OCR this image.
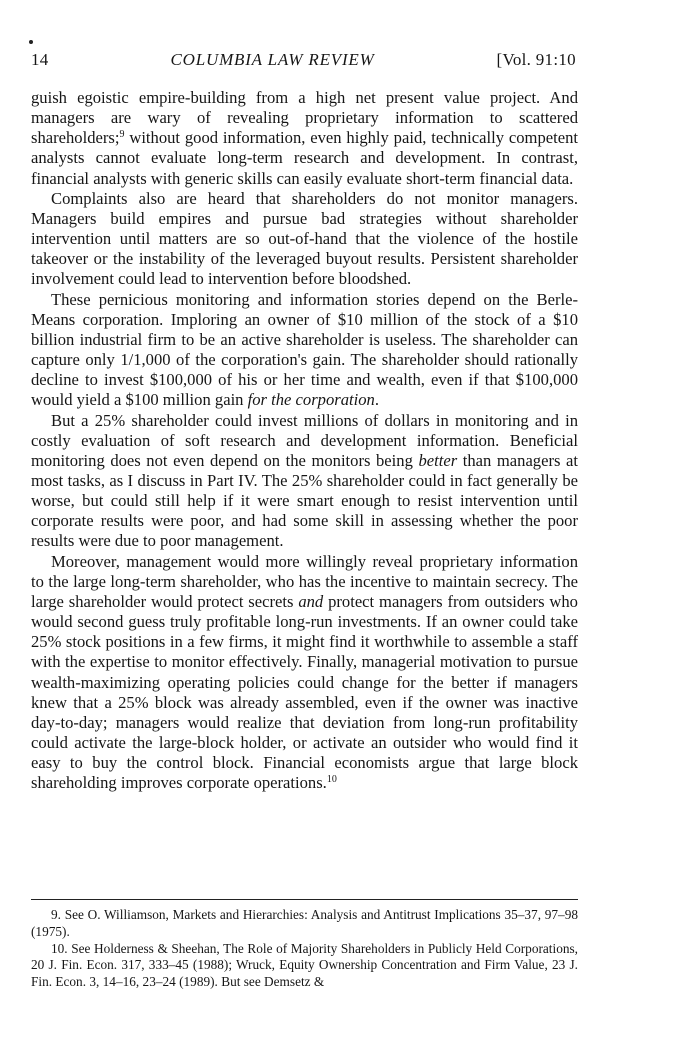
14	COLUMBIA LAW REVIEW	[Vol. 91:10

guish egoistic empire-building from a high net present value project. And managers are wary of revealing proprietary information to scattered shareholders;$^9$ without good information, even highly paid, technically competent analysts cannot evaluate long-term research and development. In contrast, financial analysts with generic skills can easily evaluate short-term financial data.

Complaints also are heard that shareholders do not monitor managers. Managers build empires and pursue bad strategies without shareholder intervention until matters are so out-of-hand that the violence of the hostile takeover or the instability of the leveraged buyout results. Persistent shareholder involvement could lead to intervention before bloodshed.

These pernicious monitoring and information stories depend on the Berle-Means corporation. Imploring an owner of $10 million of the stock of a $10 billion industrial firm to be an active shareholder is useless. The shareholder can capture only 1/1,000 of the corporation's gain. The shareholder should rationally decline to invest $100,000 of his or her time and wealth, even if that $100,000 would yield a $100 million gain for the corporation.

But a 25% shareholder could invest millions of dollars in monitoring and in costly evaluation of soft research and development information. Beneficial monitoring does not even depend on the monitors being better than managers at most tasks, as I discuss in Part IV. The 25% shareholder could in fact generally be worse, but could still help if it were smart enough to resist intervention until corporate results were poor, and had some skill in assessing whether the poor results were due to poor management.

Moreover, management would more willingly reveal proprietary information to the large long-term shareholder, who has the incentive to maintain secrecy. The large shareholder would protect secrets and protect managers from outsiders who would second guess truly profitable long-run investments. If an owner could take 25% stock positions in a few firms, it might find it worthwhile to assemble a staff with the expertise to monitor effectively. Finally, managerial motivation to pursue wealth-maximizing operating policies could change for the better if managers knew that a 25% block was already assembled, even if the owner was inactive day-to-day; managers would realize that deviation from long-run profitability could activate the large-block holder, or activate an outsider who would find it easy to buy the control block. Financial economists argue that large block shareholding improves corporate operations.$^{10}$

9. See O. Williamson, Markets and Hierarchies: Analysis and Antitrust Implications 35–37, 97–98 (1975).

10. See Holderness & Sheehan, The Role of Majority Shareholders in Publicly Held Corporations, 20 J. Fin. Econ. 317, 333–45 (1988); Wruck, Equity Ownership Concentration and Firm Value, 23 J. Fin. Econ. 3, 14–16, 23–24 (1989). But see Demsetz &
